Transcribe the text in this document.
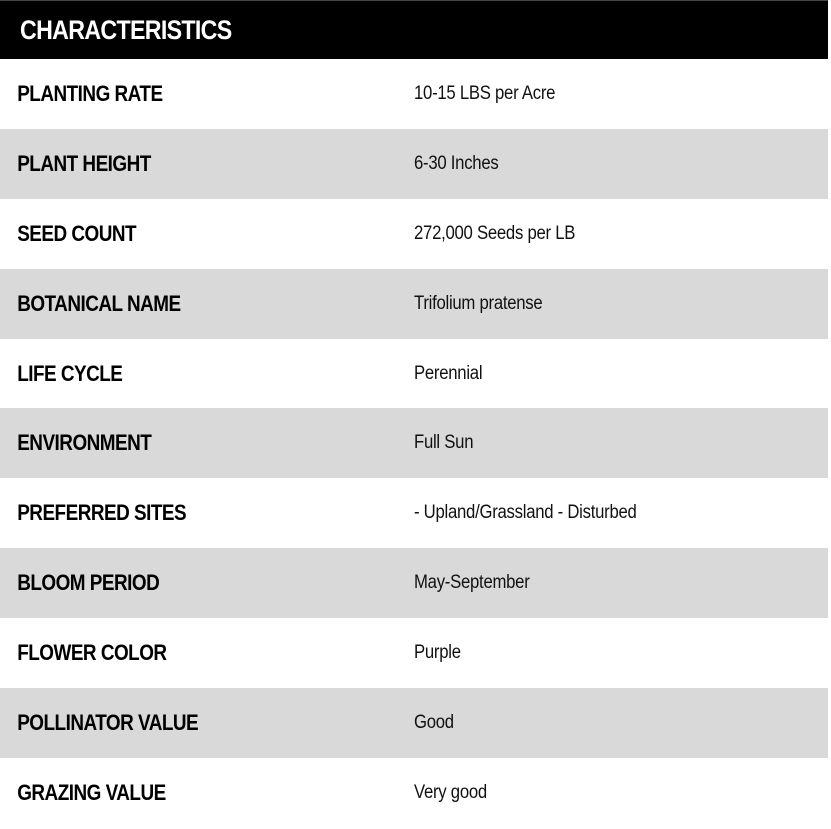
CHARACTERISTICS
PLANTING RATE	10-15 LBS per Acre
PLANT HEIGHT	6-30 Inches
SEED COUNT	272,000 Seeds per LB
BOTANICAL NAME	Trifolium pratense
LIFE CYCLE	Perennial
ENVIRONMENT	Full Sun
PREFERRED SITES	- Upland/Grassland - Disturbed
BLOOM PERIOD	May-September
FLOWER COLOR	Purple
POLLINATOR VALUE	Good
GRAZING VALUE	Very good
